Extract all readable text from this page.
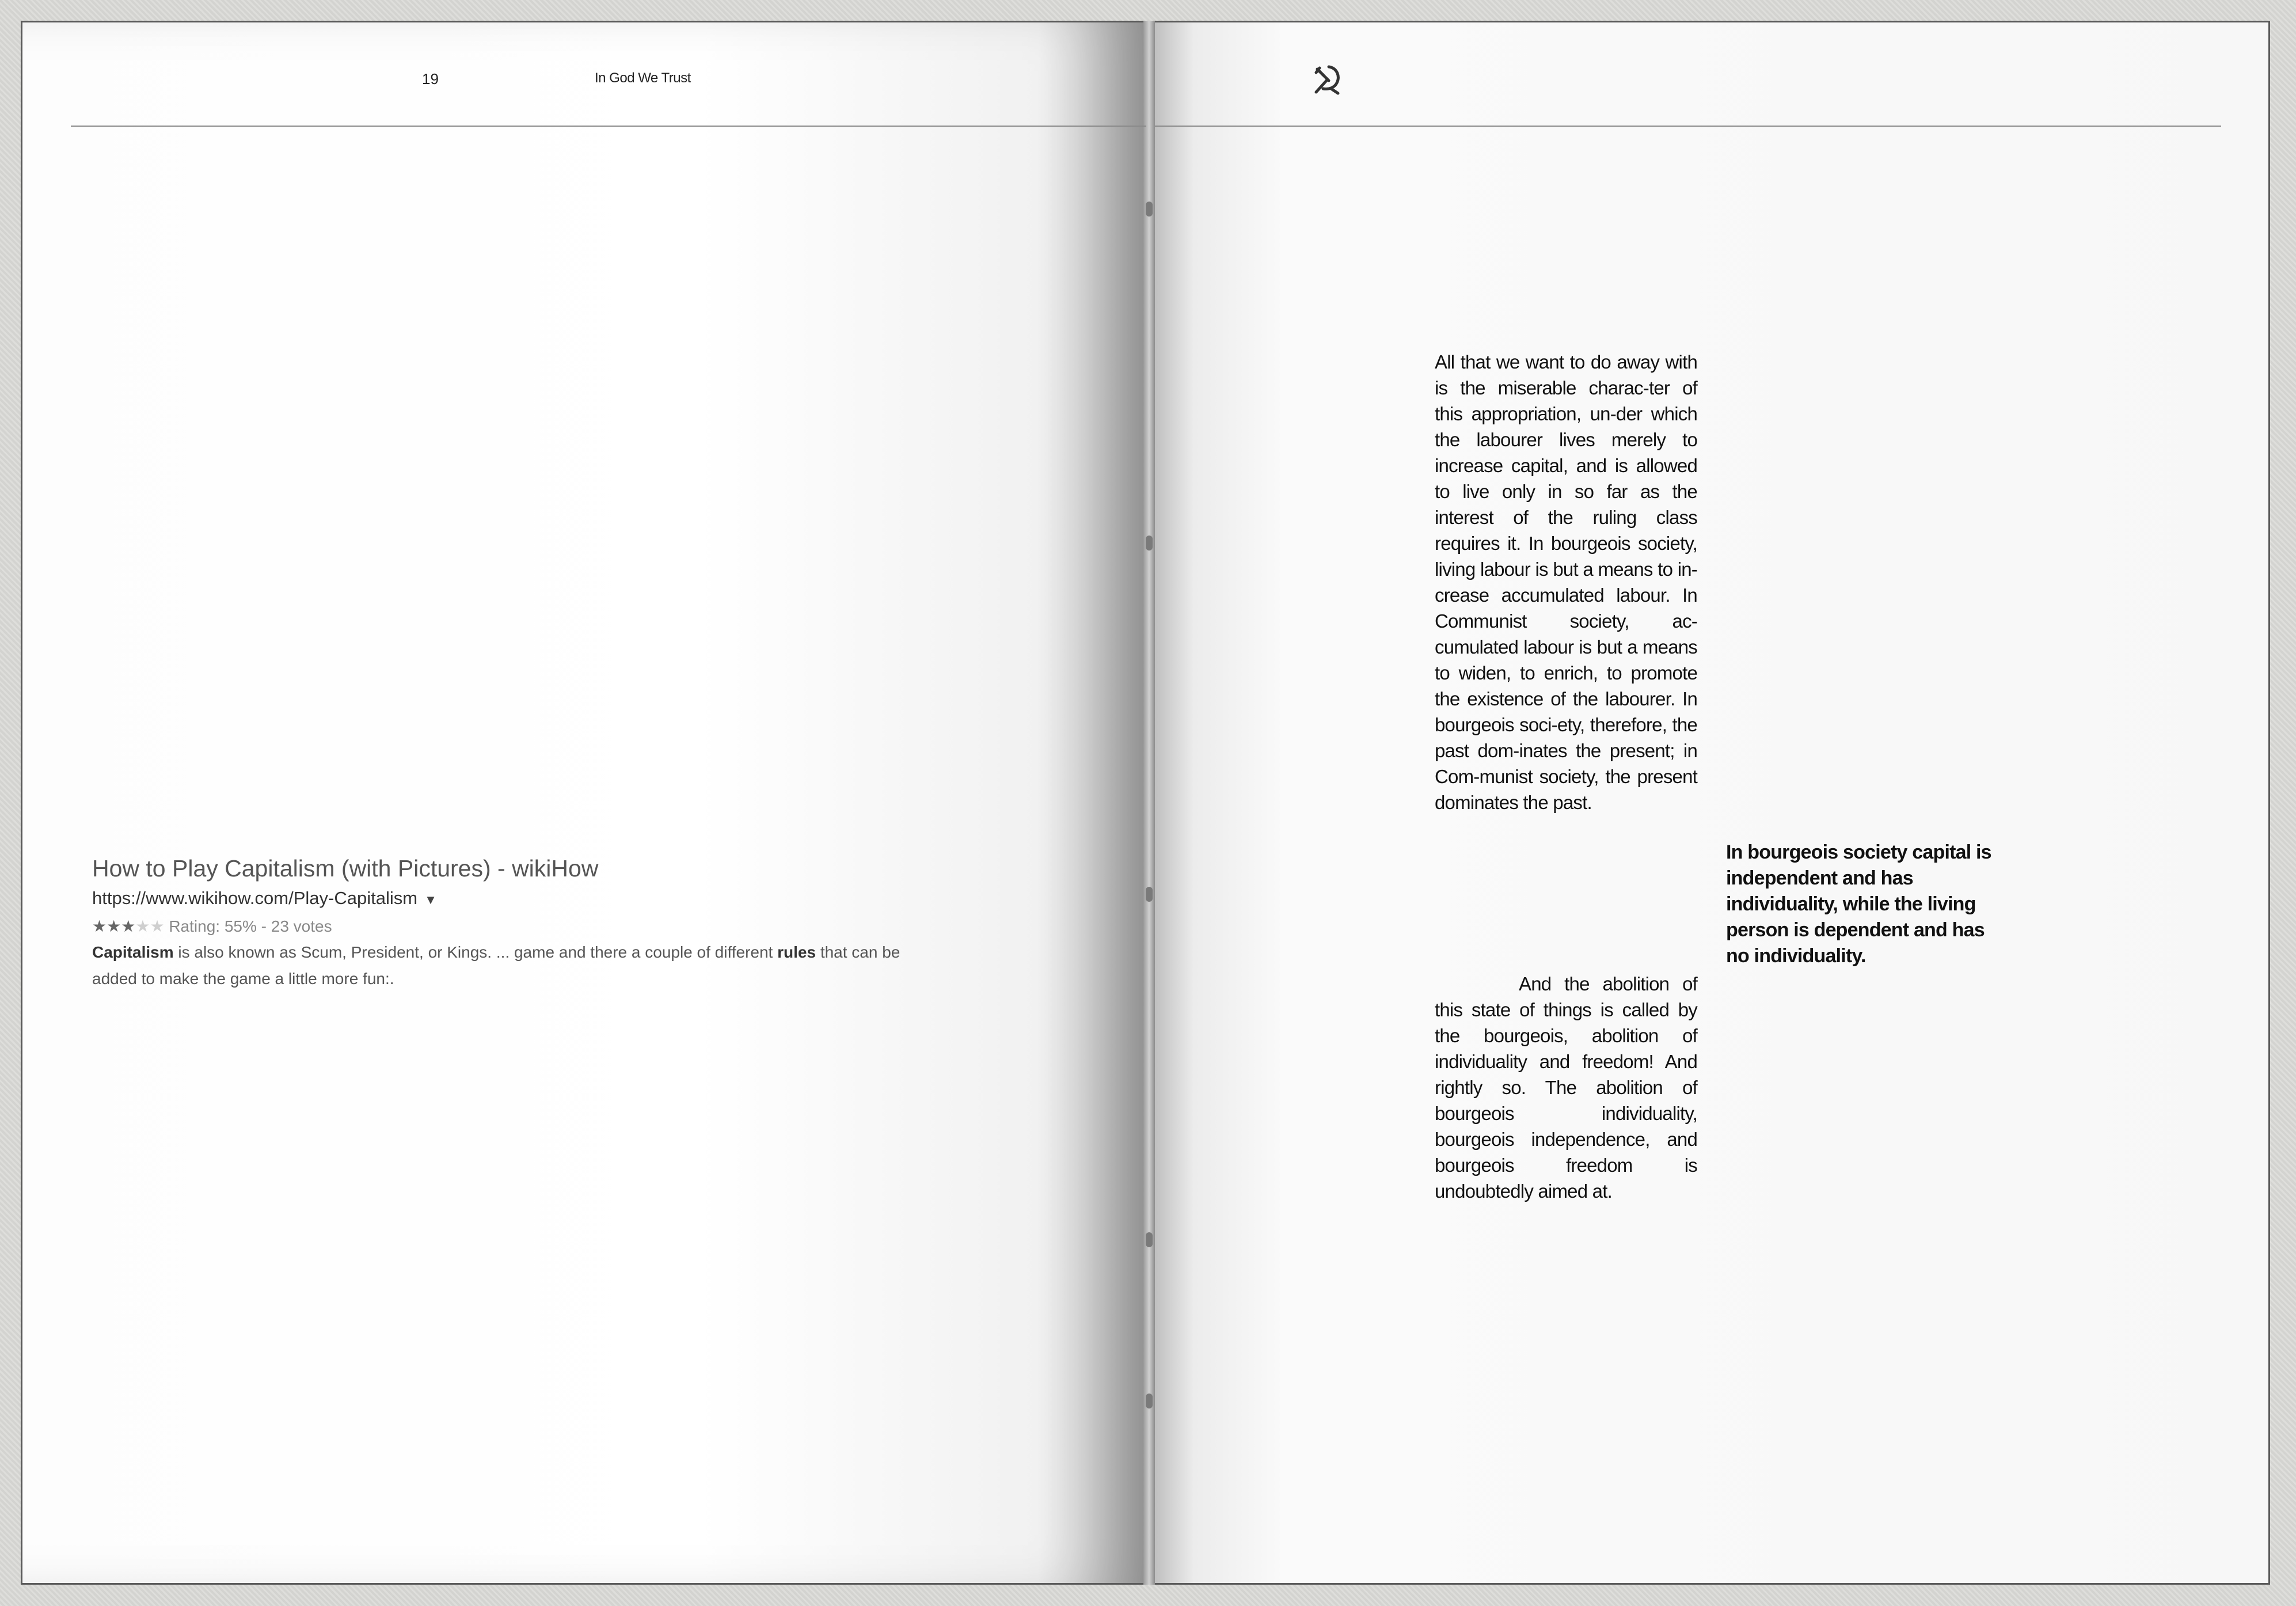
19	In God We Trust
How to Play Capitalism (with Pictures) - wikiHow
https://www.wikihow.com/Play-Capitalism ▼
★★★★★ Rating: 55% - 23 votes
Capitalism is also known as Scum, President, or Kings. ... game and there a couple of different rules that can be added to make the game a little more fun:.
All that we want to do away with is the miserable charac-ter of this appropriation, un-der which the labourer lives merely to increase capital, and is allowed to live only in so far as the interest of the ruling class requires it. In bourgeois society, living labour is but a means to in-crease accumulated labour. In Communist society, ac-cumulated labour is but a means to widen, to enrich, to promote the existence of the labourer. In bourgeois soci-ety, therefore, the past dom-inates the present; in Com-munist society, the present dominates the past.
In bourgeois society capital is independent and has individuality, while the living person is dependent and has no individuality.
And the abolition of this state of things is called by the bourgeois, abolition of individuality and freedom! And rightly so. The abolition of bourgeois individuality, bourgeois independence, and bourgeois freedom is undoubtedly aimed at.
